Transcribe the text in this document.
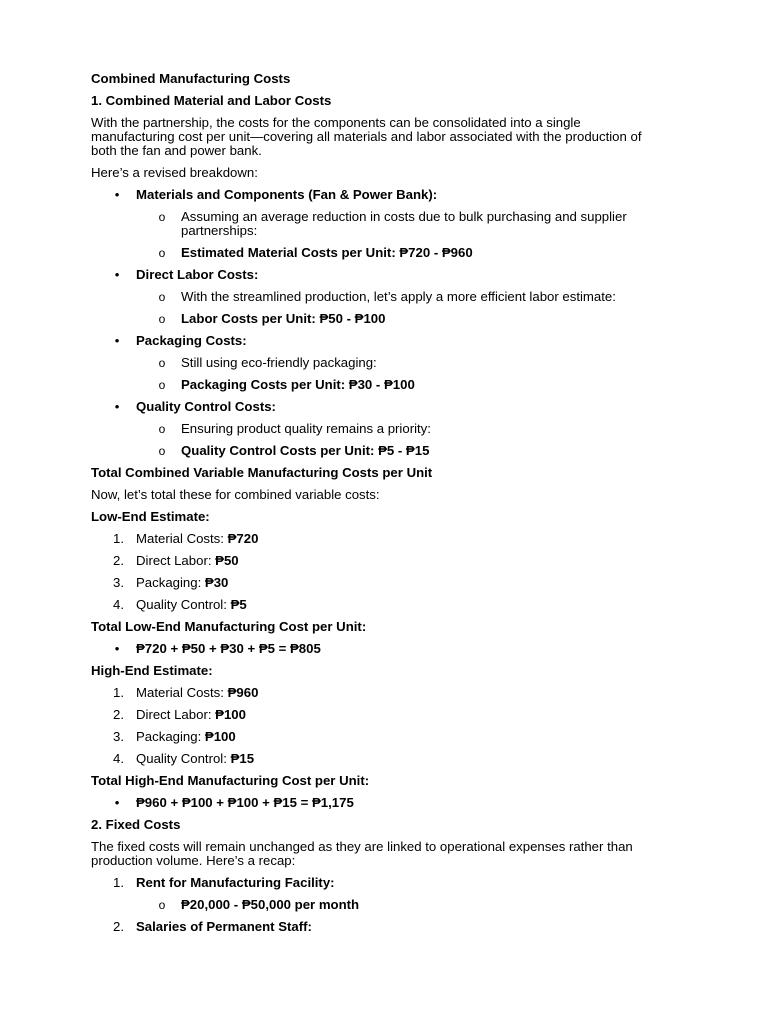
Combined Manufacturing Costs
1. Combined Material and Labor Costs
With the partnership, the costs for the components can be consolidated into a single
manufacturing cost per unit—covering all materials and labor associated with the production of
both the fan and power bank.
Here’s a revised breakdown:
•	Materials and Components (Fan & Power Bank):
o Assuming an average reduction in costs due to bulk purchasing and supplier
partnerships:
o Estimated Material Costs per Unit: ₱720 - ₱960
•	Direct Labor Costs:
o With the streamlined production, let’s apply a more efficient labor estimate:
o Labor Costs per Unit: ₱50 - ₱100
•	Packaging Costs:
o Still using eco-friendly packaging:
o Packaging Costs per Unit: ₱30 - ₱100
•	Quality Control Costs:
o Ensuring product quality remains a priority:
o Quality Control Costs per Unit: ₱5 - ₱15
Total Combined Variable Manufacturing Costs per Unit
Now, let’s total these for combined variable costs:
Low-End Estimate:
1. Material Costs: ₱720
2. Direct Labor: ₱50
3. Packaging: ₱30
4. Quality Control: ₱5
Total Low-End Manufacturing Cost per Unit:
•	₱720 + ₱50 + ₱30 + ₱5 = ₱805
High-End Estimate:
1. Material Costs: ₱960
2. Direct Labor: ₱100
3. Packaging: ₱100
4. Quality Control: ₱15
Total High-End Manufacturing Cost per Unit:
•	₱960 + ₱100 + ₱100 + ₱15 = ₱1,175
2. Fixed Costs
The fixed costs will remain unchanged as they are linked to operational expenses rather than
production volume. Here’s a recap:
1. Rent for Manufacturing Facility:
o ₱20,000 - ₱50,000 per month
2. Salaries of Permanent Staff:
